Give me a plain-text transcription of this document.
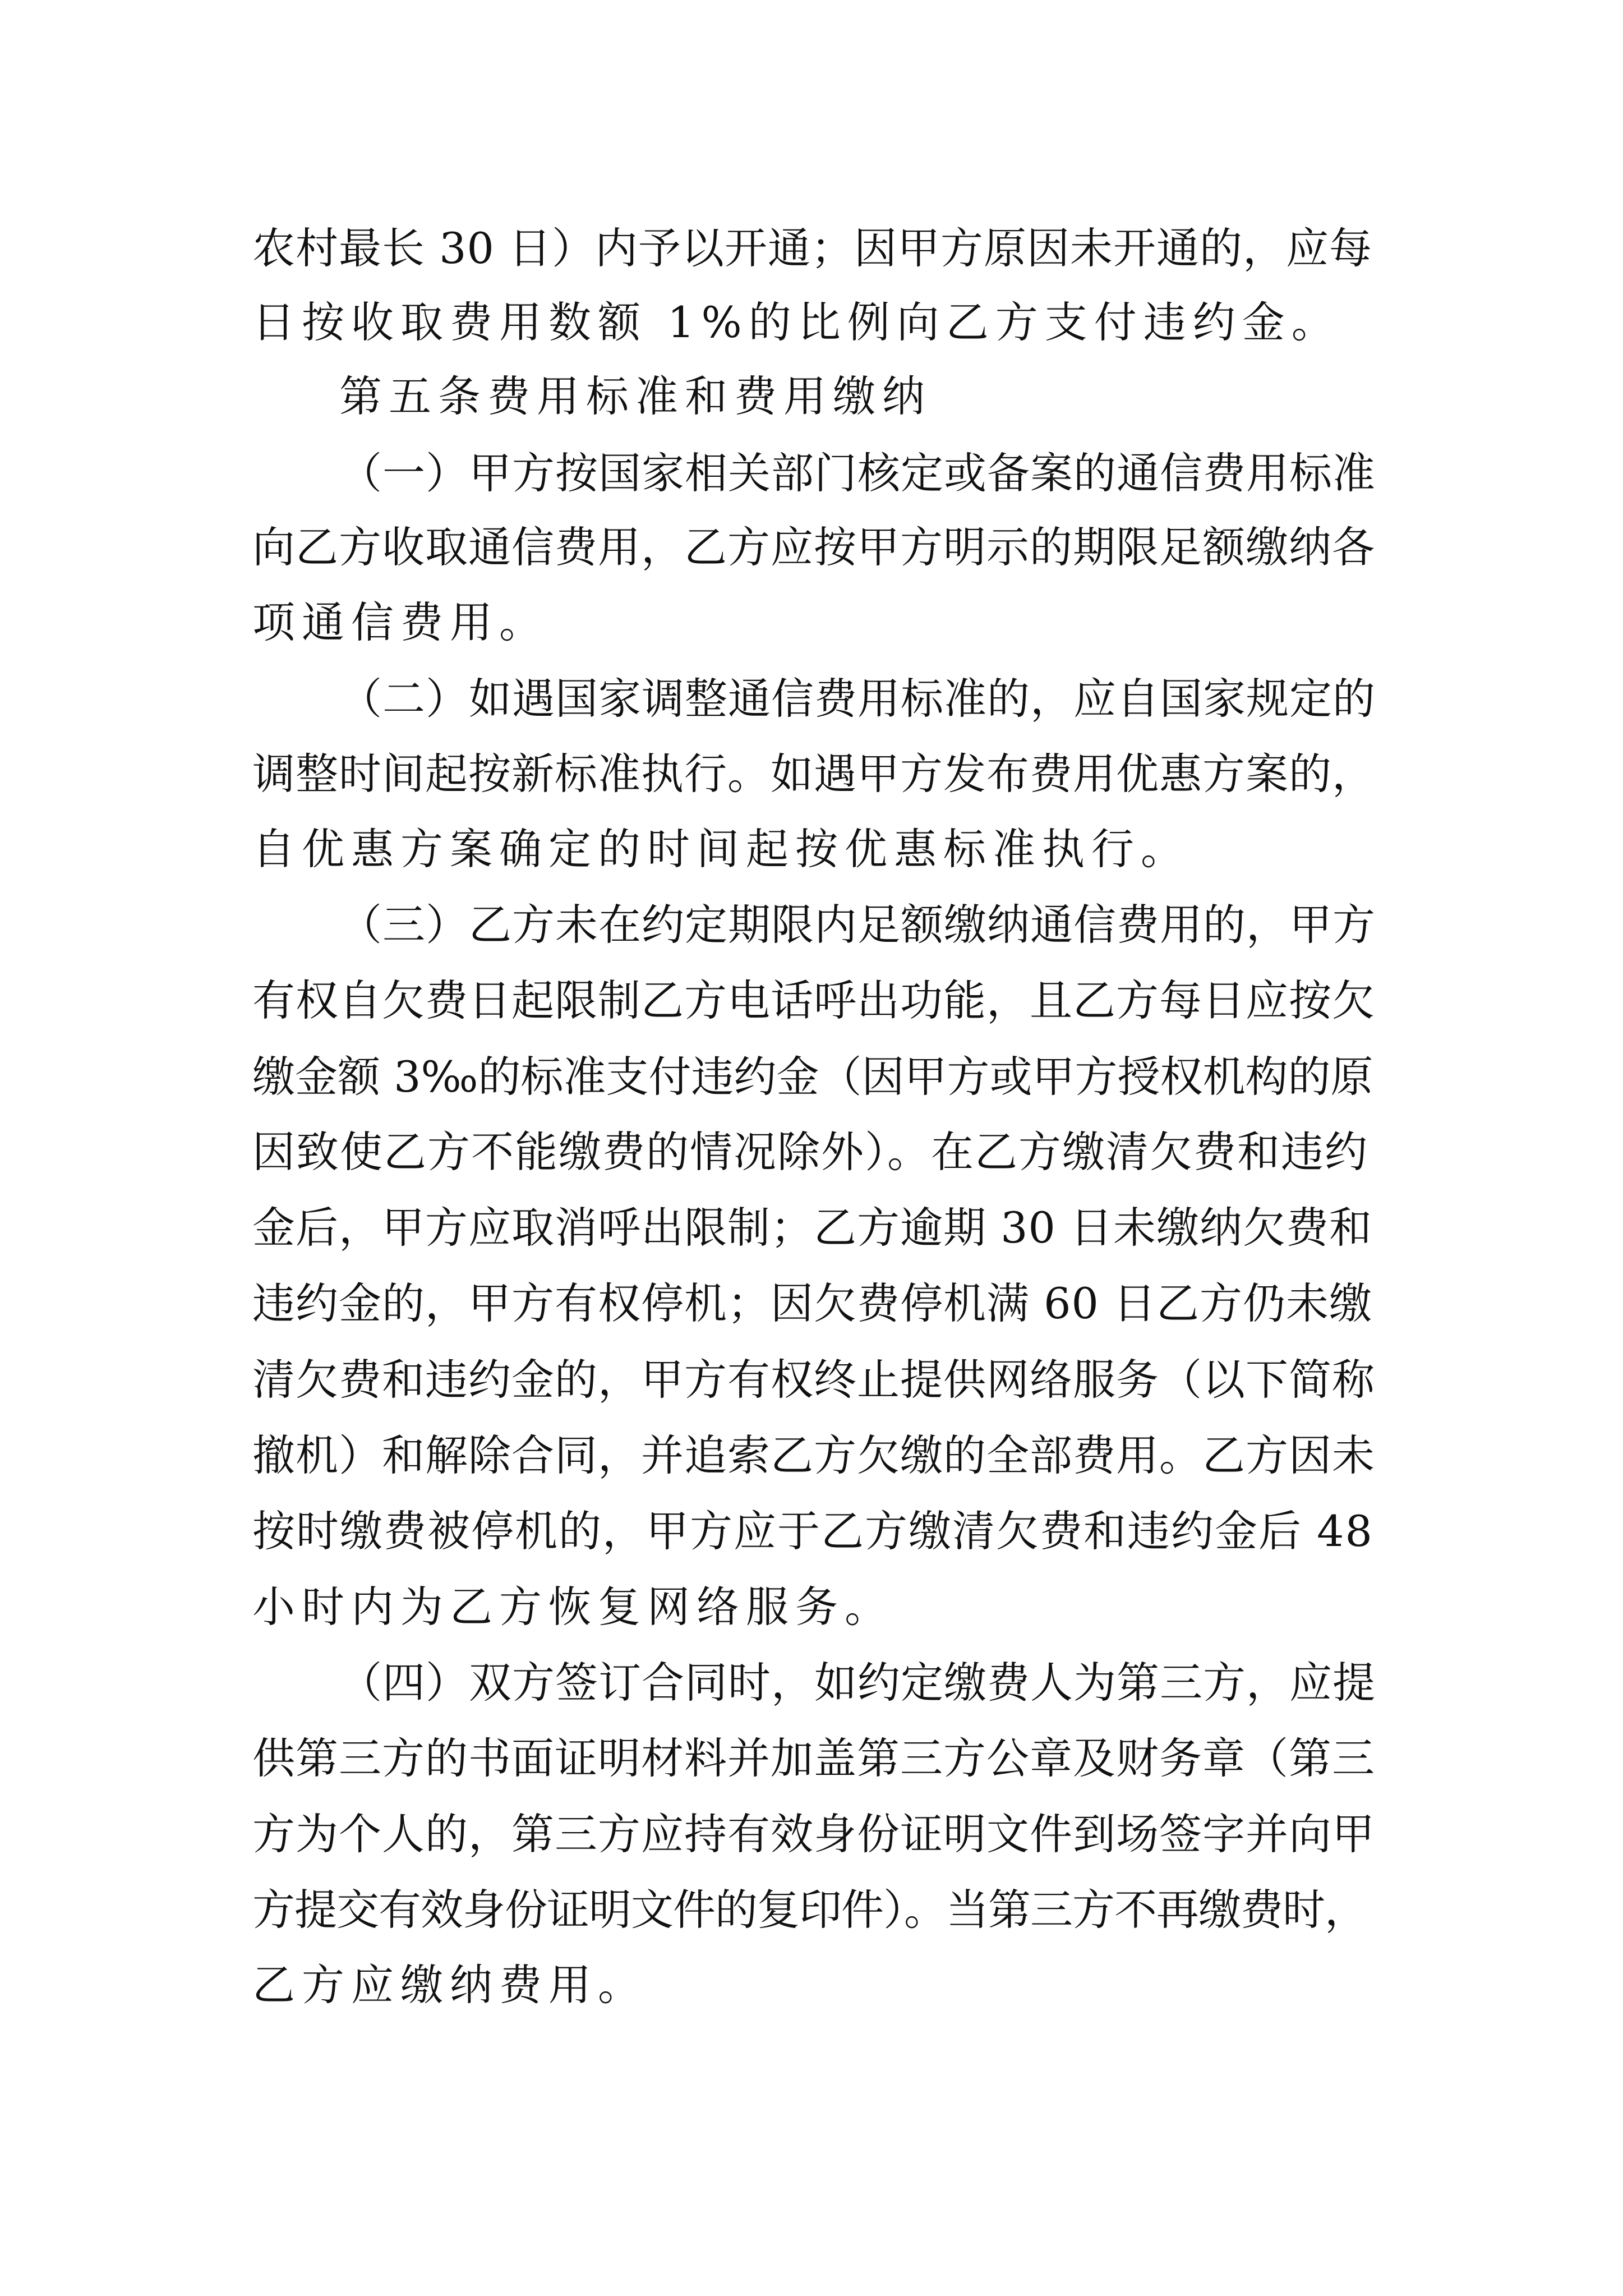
农村最长 30 日）内予以开通；因甲方原因未开通的，应每

日按收取费用数额 1%的比例向乙方支付违约金。

第五条费用标准和费用缴纳

（一）甲方按国家相关部门核定或备案的通信费用标准

向乙方收取通信费用，乙方应按甲方明示的期限足额缴纳各

项通信费用。

（二）如遇国家调整通信费用标准的，应自国家规定的

调整时间起按新标准执行。如遇甲方发布费用优惠方案的，

自优惠方案确定的时间起按优惠标准执行。

（三）乙方未在约定期限内足额缴纳通信费用的，甲方

有权自欠费日起限制乙方电话呼出功能，且乙方每日应按欠

缴金额 3‰的标准支付违约金（因甲方或甲方授权机构的原

因致使乙方不能缴费的情况除外）。在乙方缴清欠费和违约

金后，甲方应取消呼出限制；乙方逾期 30 日未缴纳欠费和

违约金的，甲方有权停机；因欠费停机满 60 日乙方仍未缴

清欠费和违约金的，甲方有权终止提供网络服务（以下简称

撤机）和解除合同，并追索乙方欠缴的全部费用。乙方因未

按时缴费被停机的，甲方应于乙方缴清欠费和违约金后 48

小时内为乙方恢复网络服务。

（四）双方签订合同时，如约定缴费人为第三方，应提

供第三方的书面证明材料并加盖第三方公章及财务章（第三

方为个人的，第三方应持有效身份证明文件到场签字并向甲

方提交有效身份证明文件的复印件）。当第三方不再缴费时，

乙方应缴纳费用。
